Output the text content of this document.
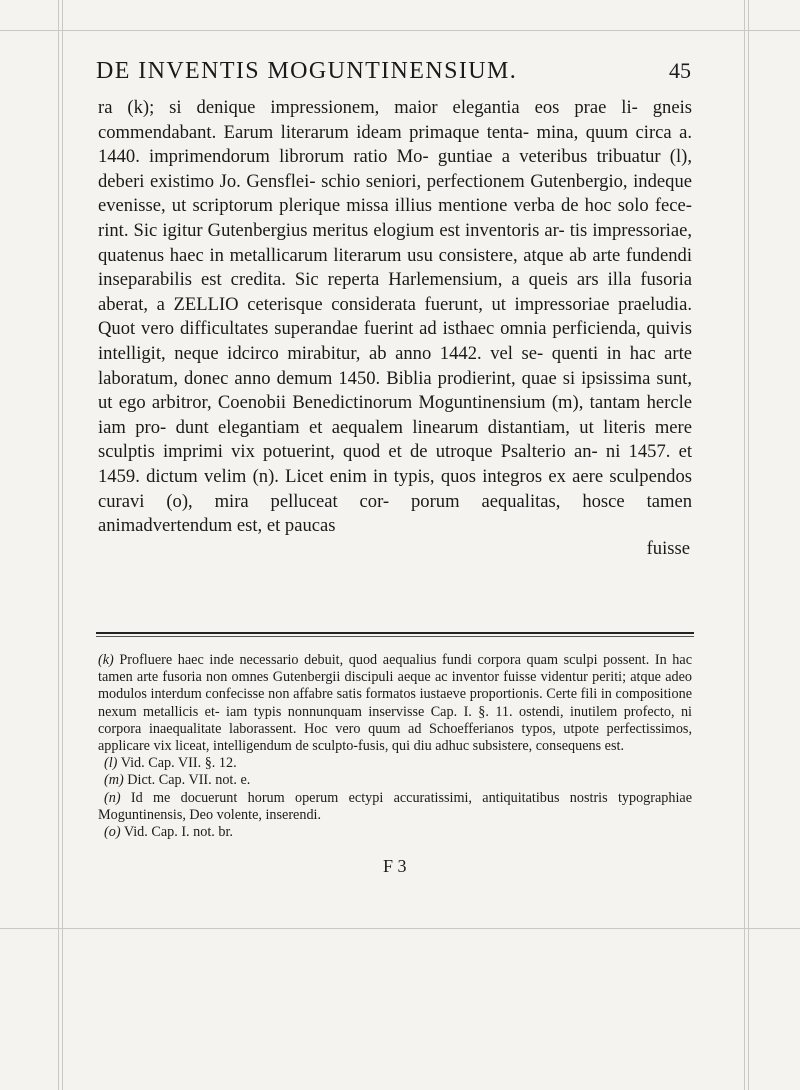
DE INVENTIS MOGUNTINENSIUM.	45

ra (k); si denique impressionem, maior elegantia eos prae li- gneis commendabant. Earum literarum ideam primaque tenta- mina, quum circa a. 1440. imprimendorum librorum ratio Mo- guntiae a veteribus tribuatur (l), deberi existimo Jo. Gensflei- schio seniori, perfectionem Gutenbergio, indeque evenisse, ut scriptorum plerique missa illius mentione verba de hoc solo fece- rint. Sic igitur Gutenbergius meritus elogium est inventoris ar- tis impressoriae, quatenus haec in metallicarum literarum usu consistere, atque ab arte fundendi inseparabilis est credita. Sic reperta Harlemensium, a queis ars illa fusoria aberat, a ZELLIO ceterisque considerata fuerunt, ut impressoriae praeludia. Quot vero difficultates superandae fuerint ad isthaec omnia perficienda, quivis intelligit, neque idcirco mirabitur, ab anno 1442. vel se- quenti in hac arte laboratum, donec anno demum 1450. Biblia prodierint, quae si ipsissima sunt, ut ego arbitror, Coenobii Benedictinorum Moguntinensium (m), tantam hercle iam pro- dunt elegantiam et aequalem linearum distantiam, ut literis mere sculptis imprimi vix potuerint, quod et de utroque Psalterio an- ni 1457. et 1459. dictum velim (n). Licet enim in typis, quos integros ex aere sculpendos curavi (o), mira pelluceat cor- porum aequalitas, hosce tamen animadvertendum est, et paucas

fuisse

(k) Profluere haec inde necessario debuit, quod aequalius fundi corpora quam sculpi possent. In hac tamen arte fusoria non omnes Gutenbergii discipuli aeque ac inventor fuisse videntur periti; atque adeo modulos interdum confecisse non affabre satis formatos iustaeve proportionis. Certe fili in compositione nexum metallicis et- iam typis nonnunquam inservisse Cap. I. §. 11. ostendi, inutilem profecto, ni corpora inaequalitate laborassent. Hoc vero quum ad Schoefferianos typos, utpote perfectissimos, applicare vix liceat, intelligendum de sculpto-fusis, qui diu adhuc subsistere, consequens est.

(l) Vid. Cap. VII. §. 12.

(m) Dict. Cap. VII. not. e.

(n) Id me docuerunt horum operum ectypi accuratissimi, antiquitatibus nostris typographiae Moguntinensis, Deo volente, inserendi.

(o) Vid. Cap. I. not. br.

F 3
